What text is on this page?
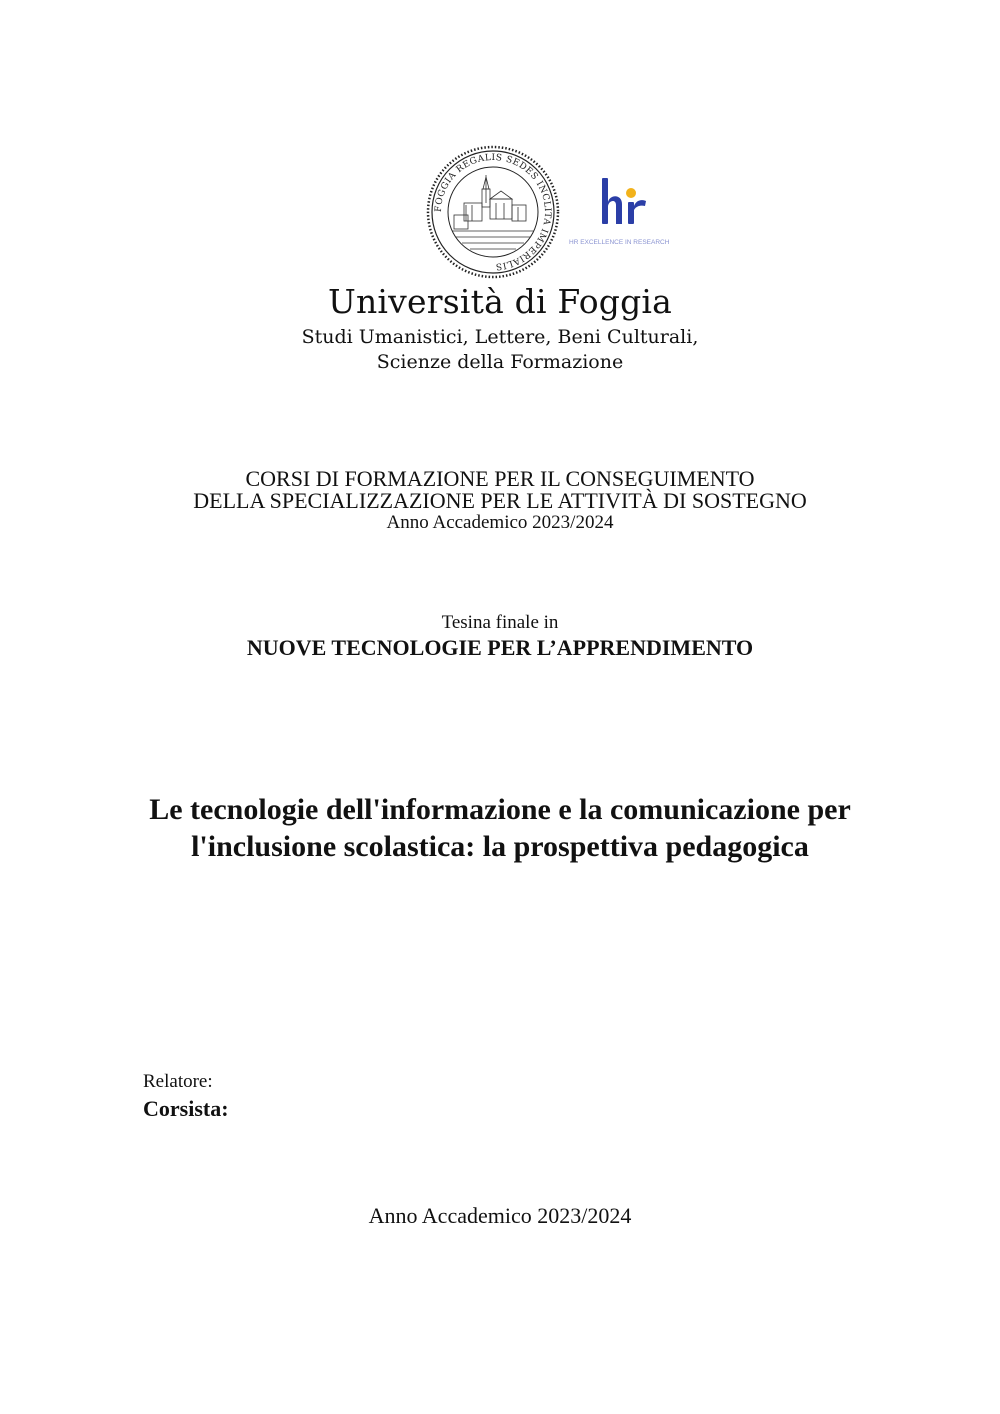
FOGGIA REGALIS SEDES INCLITA IMPERIALIS
HR EXCELLENCE IN RESEARCH
Università di Foggia
Studi Umanistici, Lettere, Beni Culturali,
Scienze della Formazione
CORSI DI FORMAZIONE PER IL CONSEGUIMENTO
DELLA SPECIALIZZAZIONE PER LE ATTIVITÀ DI SOSTEGNO
Anno Accademico 2023/2024
Tesina finale in
NUOVE TECNOLOGIE PER L’APPRENDIMENTO
Le tecnologie dell'informazione e la comunicazione per
l'inclusione scolastica: la prospettiva pedagogica
Relatore:
Corsista:
Anno Accademico 2023/2024
